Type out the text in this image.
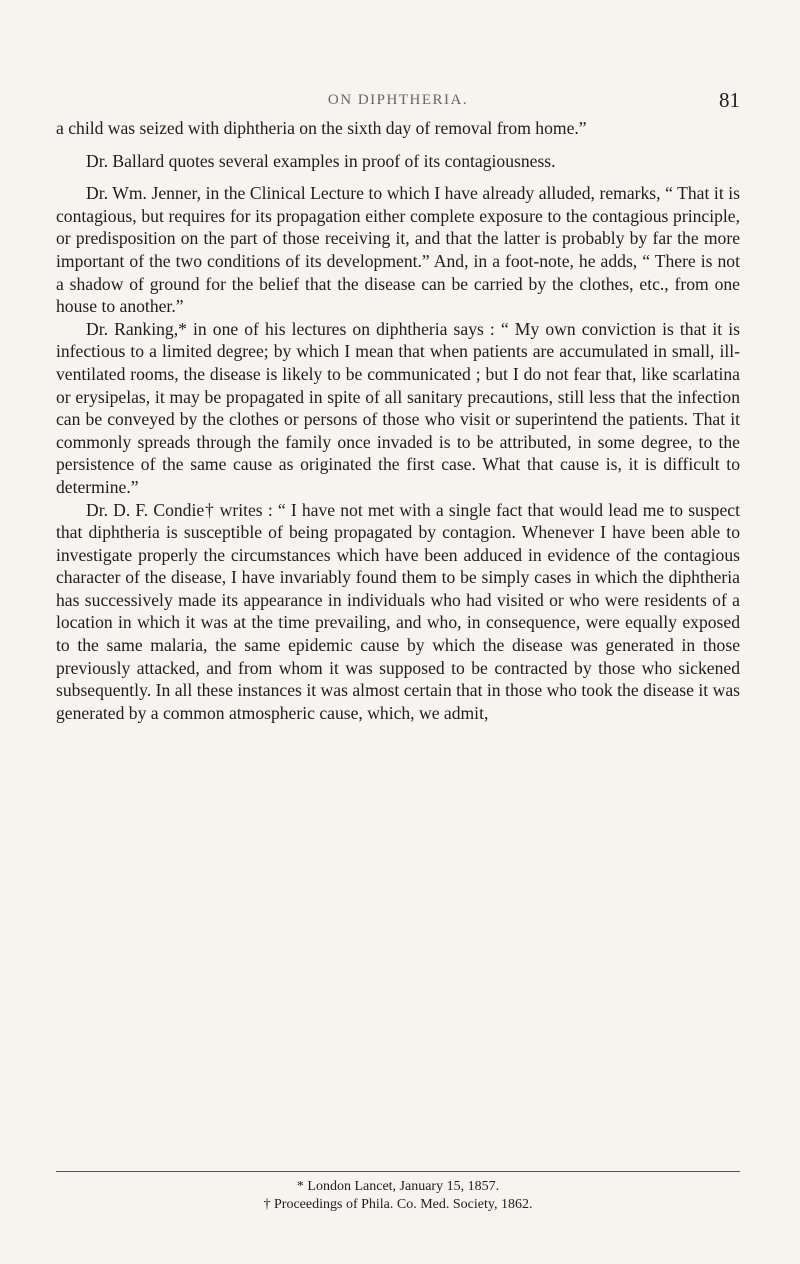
ON DIPHTHERIA.	81

a child was seized with diphtheria on the sixth day of removal from home.”

Dr. Ballard quotes several examples in proof of its contagiousness.

Dr. Wm. Jenner, in the Clinical Lecture to which I have already alluded, remarks, “ That it is contagious, but requires for its propagation either complete exposure to the contagious principle, or predisposition on the part of those receiving it, and that the latter is probably by far the more important of the two conditions of its development.” And, in a foot-note, he adds, “ There is not a shadow of ground for the belief that the disease can be carried by the clothes, etc., from one house to another.”

Dr. Ranking,* in one of his lectures on diphtheria says : “ My own conviction is that it is infectious to a limited degree; by which I mean that when patients are accumulated in small, ill-ventilated rooms, the disease is likely to be communicated ; but I do not fear that, like scarlatina or erysipelas, it may be propagated in spite of all sanitary precautions, still less that the infection can be conveyed by the clothes or persons of those who visit or superintend the patients. That it commonly spreads through the family once invaded is to be attributed, in some degree, to the persistence of the same cause as originated the first case. What that cause is, it is difficult to determine.”

Dr. D. F. Condie† writes : “ I have not met with a single fact that would lead me to suspect that diphtheria is susceptible of being propagated by contagion. Whenever I have been able to investigate properly the circumstances which have been adduced in evidence of the contagious character of the disease, I have invariably found them to be simply cases in which the diphtheria has successively made its appearance in individuals who had visited or who were residents of a location in which it was at the time prevailing, and who, in consequence, were equally exposed to the same malaria, the same epidemic cause by which the disease was generated in those previously attacked, and from whom it was supposed to be contracted by those who sickened subsequently. In all these instances it was almost certain that in those who took the disease it was generated by a common atmospheric cause, which, we admit,

* London Lancet, January 15, 1857.
† Proceedings of Phila. Co. Med. Society, 1862.
